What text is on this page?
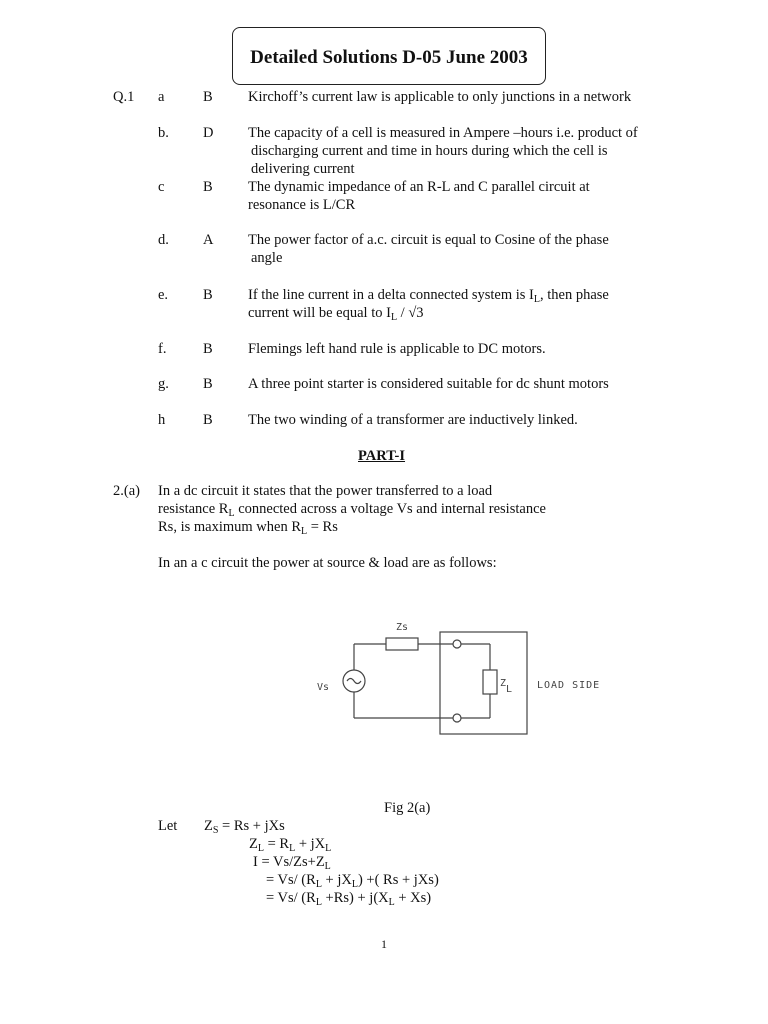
Detailed Solutions D-05 June 2003
Q.1 a	B Kirchoff’s current law is applicable to only junctions in a network
b. D The capacity of a cell is measured in Ampere –hours i.e. product of
discharging current and time in hours during which the cell is
delivering current
c	B The dynamic impedance of an R-L and C parallel circuit at
resonance is L/CR
d. A The power factor of a.c. circuit is equal to Cosine of the phase
angle
e. B If the line current in a delta connected system is $I_L$, then phase
current will be equal to $I_L / √3$
f.	B Flemings left hand rule is applicable to DC motors.
g. B A three point starter is considered suitable for dc shunt motors
h	B The two winding of a transformer are inductively linked.
PART-I
2.(a) In a dc circuit it states that the power transferred to a load
resistance $R_L$ connected across a voltage Vs and internal resistance
Rs, is maximum when $R_L = Rs$
In an a c circuit the power at source & load are as follows:
Zs
Vs	ZL LOAD SIDE
Fig 2(a)
Let $Z_S = Rs$ + jXs
$Z_L = R_L + jX_L$
$I = Vs/Zs+Z_L$
= Vs/ $(R_L + jX_L)$ +( Rs + jXs)
= Vs/ $(R_L +Rs) + j(X_L + Xs)$
1
